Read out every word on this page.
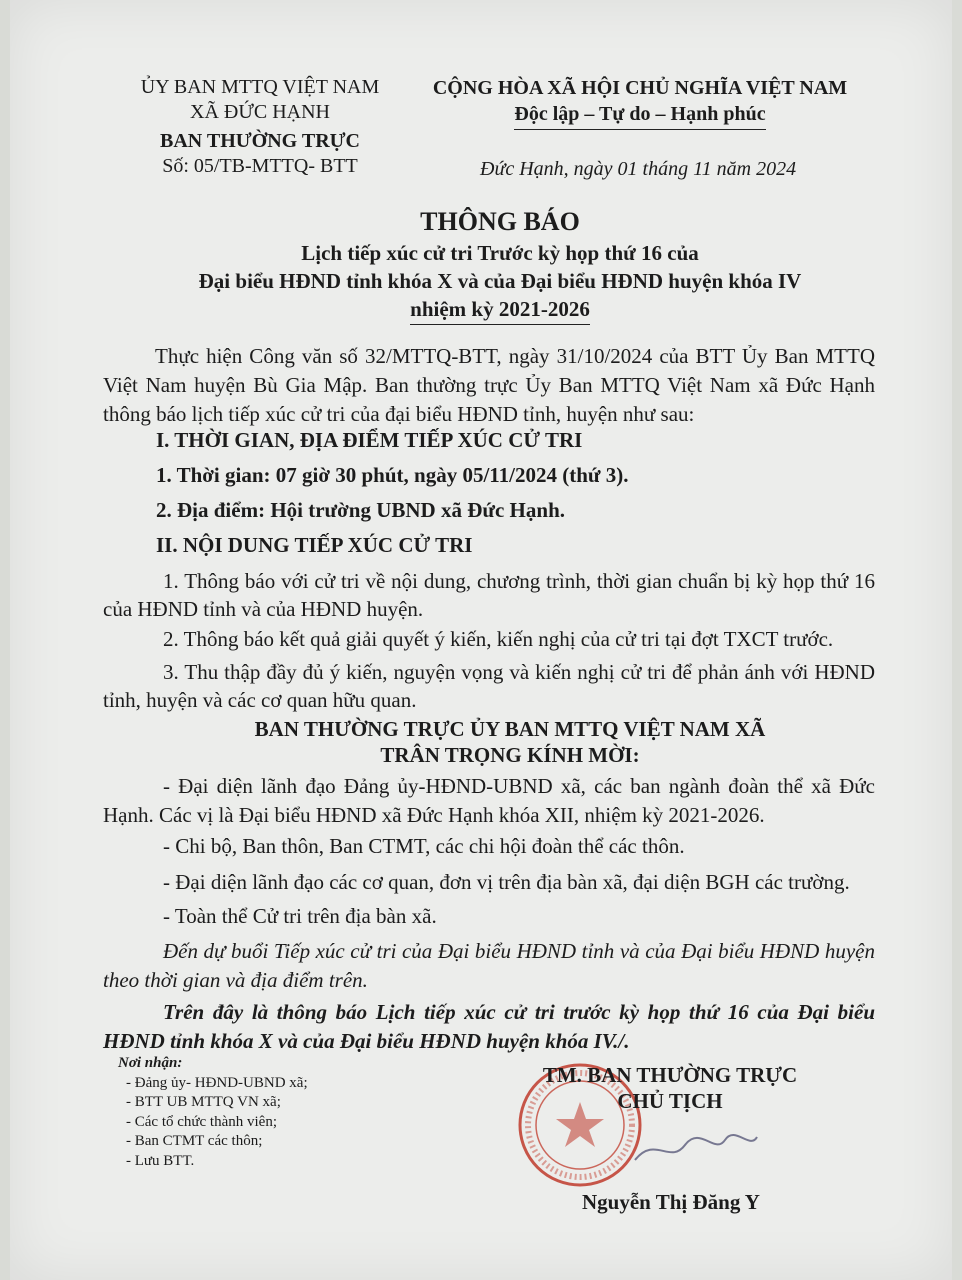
ỦY BAN MTTQ VIỆT NAM
XÃ ĐỨC HẠNH
BAN THƯỜNG TRỰC
Số: 05/TB-MTTQ- BTT
CỘNG HÒA XÃ HỘI CHỦ NGHĨA VIỆT NAM
Độc lập – Tự do – Hạnh phúc
Đức Hạnh, ngày 01 tháng 11 năm 2024
THÔNG BÁO
Lịch tiếp xúc cử tri Trước kỳ họp thứ 16 của
Đại biểu HĐND tỉnh khóa X và của Đại biểu HĐND huyện khóa IV
nhiệm kỳ 2021-2026
Thực hiện Công văn số 32/MTTQ-BTT, ngày 31/10/2024 của BTT Ủy Ban MTTQ Việt Nam huyện Bù Gia Mập. Ban thường trực Ủy Ban MTTQ Việt Nam xã Đức Hạnh thông báo lịch tiếp xúc cử tri của đại biểu HĐND tỉnh, huyện như sau:
I. THỜI GIAN, ĐỊA ĐIỂM TIẾP XÚC CỬ TRI
1. Thời gian: 07 giờ 30 phút, ngày 05/11/2024 (thứ 3).
2. Địa điểm: Hội trường UBND xã Đức Hạnh.
II. NỘI DUNG TIẾP XÚC CỬ TRI
1. Thông báo với cử tri về nội dung, chương trình, thời gian chuẩn bị kỳ họp thứ 16 của HĐND tỉnh và của HĐND huyện.
2. Thông báo kết quả giải quyết ý kiến, kiến nghị của cử tri tại đợt TXCT trước.
3. Thu thập đầy đủ ý kiến, nguyện vọng và kiến nghị cử tri để phản ánh với HĐND tỉnh, huyện và các cơ quan hữu quan.
BAN THƯỜNG TRỰC ỦY BAN MTTQ VIỆT NAM XÃ
TRÂN TRỌNG KÍNH MỜI:
- Đại diện lãnh đạo Đảng ủy-HĐND-UBND xã, các ban ngành đoàn thể xã Đức Hạnh. Các vị là Đại biểu HĐND xã Đức Hạnh khóa XII, nhiệm kỳ 2021-2026.
- Chi bộ, Ban thôn, Ban CTMT, các chi hội đoàn thể các thôn.
- Đại diện lãnh đạo các cơ quan, đơn vị trên địa bàn xã, đại diện BGH các trường.
- Toàn thể Cử tri trên địa bàn xã.
Đến dự buổi Tiếp xúc cử tri của Đại biểu HĐND tỉnh và của Đại biểu HĐND huyện theo thời gian và địa điểm trên.
Trên đây là thông báo Lịch tiếp xúc cử tri trước kỳ họp thứ 16 của Đại biểu HĐND tỉnh khóa X và của Đại biểu HĐND huyện khóa IV./.
Nơi nhận:
- Đảng ủy- HĐND-UBND xã;
- BTT UB MTTQ VN xã;
- Các tổ chức thành viên;
- Ban CTMT các thôn;
- Lưu BTT.
TM. BAN THƯỜNG TRỰC
CHỦ TỊCH
Nguyễn Thị Đăng Y
